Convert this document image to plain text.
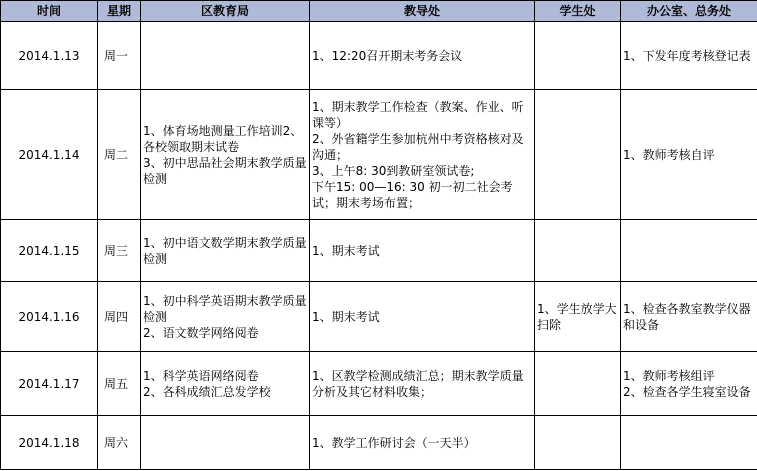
时间	星期	区教育局	教导处	学生处	办公室、总务处
2014.1.13	周一		1、12:20召开期末考务会议		1、下发年度考核登记表

2014.1.14	周二	1、体育场地测量工作培训2、各校领取期末试卷
3、初中思品社会期末教学质量检测	1、期末教学工作检查（教案、作业、听课等）
2、外省籍学生参加杭州中考资格核对及沟通；
3、上午8: 30到教研室领试卷;
下午15: 00—16: 30 初一初二社会考试；期末考场布置；		1、教师考核自评

2014.1.15	周三	1、初中语文数学期末教学质量检测	1、期末考试		

2014.1.16	周四	1、初中科学英语期末教学质量检测
2、语文数学网络阅卷	1、期末考试	1、学生放学大扫除	1、检查各教室教学仪器和设备

2014.1.17	周五	1、科学英语网络阅卷
2、各科成绩汇总发学校	1、区教学检测成绩汇总；期末教学质量分析及其它材料收集；		1、教师考核组评
2、检查各学生寝室设备

2014.1.18	周六		1、教学工作研讨会（一天半）		
